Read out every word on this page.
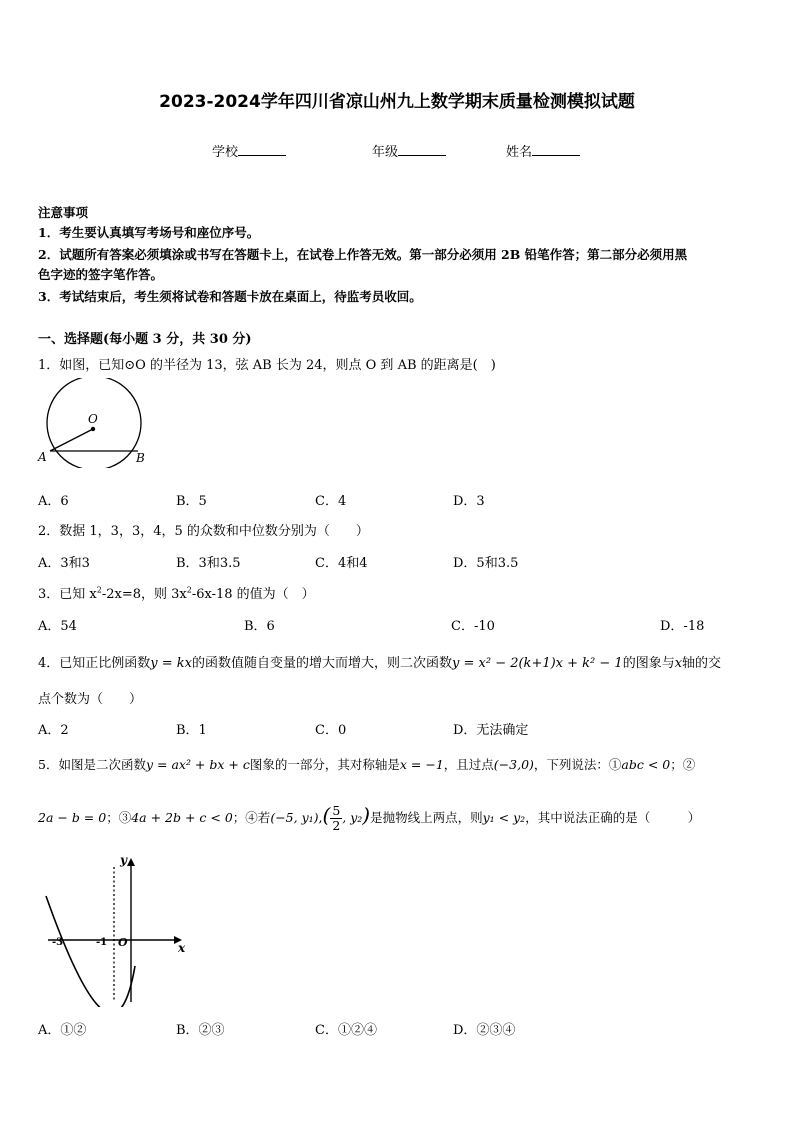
2023-2024学年四川省凉山州九上数学期末质量检测模拟试题
学校	年级	姓名
注意事项
1．考生要认真填写考场号和座位序号。
2．试题所有答案必须填涂或书写在答题卡上，在试卷上作答无效。第一部分必须用 2B 铅笔作答；第二部分必须用黑
色字迹的签字笔作答。
3．考试结束后，考生须将试卷和答题卡放在桌面上，待监考员收回。
一、选择题(每小题 3 分，共 30 分)
1．如图，已知⊙O 的半径为 13，弦 AB 长为 24，则点 O 到 AB 的距离是(　)
O
A	B
A．6	B．5	C．4	D．3
2．数据 1，3，3，4，5 的众数和中位数分别为（　　）
A．3和3	B．3和3.5	C．4和4	D．5和3.5
3．已知 $x^2-2x=8$，则 $3x^2-6x-18$ 的值为（　）
A．54	B．6	C．-10	D．-18
4．已知正比例函数y = kx的函数值随自变量的增大而增大，则二次函数y = x² − 2(k+1)x + k² − 1的图象与x轴的交
点个数为（　　）
A．2	B．1	C．0	D．无法确定
5．如图是二次函数y = ax² + bx + c图象的一部分，其对称轴是x = −1，且过点(−3,0)，下列说法：①abc < 0；②
2a − b = 0；③4a + 2b + c < 0；④若(−5, $y_1),( \frac{5}{2}$ , y₂)是抛物线上两点，则y₁ < y₂，其中说法正确的是（　　　）
y
x
-3	-1 O
A．①②	B．②③	C．①②④	D．②③④
